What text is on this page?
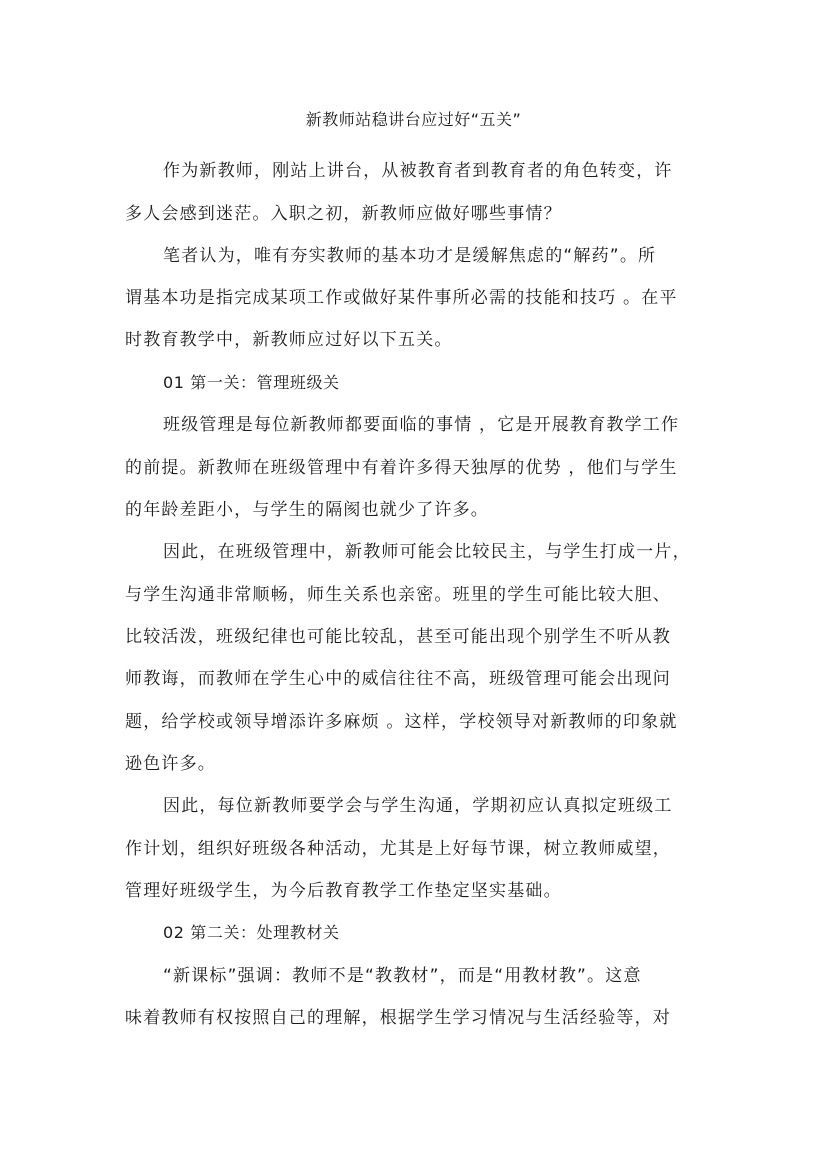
新教师站稳讲台应过好“五关”
作为新教师，刚站上讲台，从被教育者到教育者的角色转变，许
多人会感到迷茫。入职之初，新教师应做好哪些事情？
笔者认为，唯有夯实教师的基本功才是缓解焦虑的“解药”。所
谓基本功是指完成某项工作或做好某件事所必需的技能和技巧 。在平
时教育教学中，新教师应过好以下五关。
01 第一关：管理班级关
班级管理是每位新教师都要面临的事情 ，它是开展教育教学工作
的前提。新教师在班级管理中有着许多得天独厚的优势 ，他们与学生
的年龄差距小，与学生的隔阂也就少了许多。
因此，在班级管理中，新教师可能会比较民主，与学生打成一片，
与学生沟通非常顺畅，师生关系也亲密。班里的学生可能比较大胆、
比较活泼，班级纪律也可能比较乱，甚至可能出现个别学生不听从教
师教诲，而教师在学生心中的威信往往不高，班级管理可能会出现问
题，给学校或领导增添许多麻烦 。这样，学校领导对新教师的印象就
逊色许多。
因此，每位新教师要学会与学生沟通，学期初应认真拟定班级工
作计划，组织好班级各种活动，尤其是上好每节课，树立教师威望，
管理好班级学生，为今后教育教学工作垫定坚实基础。
02 第二关：处理教材关
“新课标”强调：教师不是“教教材”，而是“用教材教”。这意
味着教师有权按照自己的理解，根据学生学习情况与生活经验等，对
